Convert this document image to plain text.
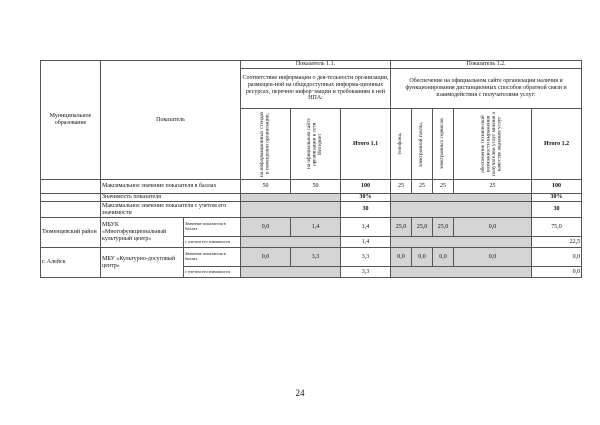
Муниципальное образование	Показатель		Показатель 1.1.			Показатель 1.2.				
			Соответствие информации о дея-тельности организации, размещен-ной на общедоступных информа-ционных ресурсах, перечню инфор¬мации и требованиям к ней НПА:			Обеспечение на официальном сайте организации наличия и функционирования дистанционных способов обратной связи и взаимодействия с получателями услуг:				

			на информационных стендах в помещении организации,	на официальном сайте организации в сети Интернет	Итого 1.1	телефона,	электронной почты,	электронных сервисов	обеспечение технической возможности выражения получателем услуг мнения о качестве оказания услуг	Итого 1.2
	Максимальное значение показателя в баллах		50	50	100	25	25	25	25	100
	Значимость показателя				30%					30%
	Максимальное значение показателя с учетом его значимости				30					30
Тюменцевский район	МБУК «Многофункциональный культурный центр»	Значение показателя в баллах	0,0	1,4	1,4	25,0	25,0	25,0	0,0	75,0
		с учетом его значимости			1,4					22,5
г. Алейск	МБУ «Культурно-досуговый центр»	Значение показателя в баллах	0,0	3,3	3,3	0,0	0,0	0,0	0,0	0,0
		с учетом его значимости			3,3					0,0
24
